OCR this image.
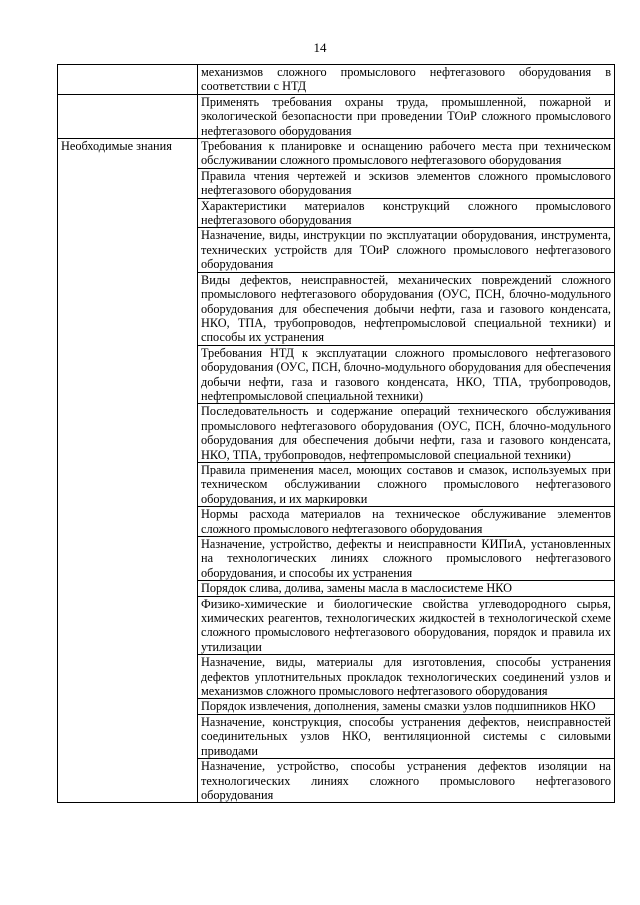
14
	механизмов сложного промыслового нефтегазового оборудования в соответствии с НТД
	Применять требования охраны труда, промышленной, пожарной и экологической безопасности при проведении ТОиР сложного промыслового нефтегазового оборудования
Необходимые знания	Требования к планировке и оснащению рабочего места при техническом обслуживании сложного промыслового нефтегазового оборудования
	Правила чтения чертежей и эскизов элементов сложного промыслового нефтегазового оборудования
	Характеристики материалов конструкций сложного промыслового нефтегазового оборудования
	Назначение, виды, инструкции по эксплуатации оборудования, инструмента, технических устройств для ТОиР сложного промыслового нефтегазового оборудования
	Виды дефектов, неисправностей, механических повреждений сложного промыслового нефтегазового оборудования (ОУС, ПСН, блочно-модульного оборудования для обеспечения добычи нефти, газа и газового конденсата, НКО, ТПА, трубопроводов, нефтепромысловой специальной техники) и способы их устранения
	Требования НТД к эксплуатации сложного промыслового нефтегазового оборудования (ОУС, ПСН, блочно-модульного оборудования для обеспечения добычи нефти, газа и газового конденсата, НКО, ТПА, трубопроводов, нефтепромысловой специальной техники)
	Последовательность и содержание операций технического обслуживания промыслового нефтегазового оборудования (ОУС, ПСН, блочно-модульного оборудования для обеспечения добычи нефти, газа и газового конденсата, НКО, ТПА, трубопроводов, нефтепромысловой специальной техники)
	Правила применения масел, моющих составов и смазок, используемых при техническом обслуживании сложного промыслового нефтегазового оборудования, и их маркировки
	Нормы расхода материалов на техническое обслуживание элементов сложного промыслового нефтегазового оборудования
	Назначение, устройство, дефекты и неисправности КИПиА, установленных на технологических линиях сложного промыслового нефтегазового оборудования, и способы их устранения
	Порядок слива, долива, замены масла в маслосистеме НКО
	Физико-химические и биологические свойства углеводородного сырья, химических реагентов, технологических жидкостей в технологической схеме сложного промыслового нефтегазового оборудования, порядок и правила их утилизации
	Назначение, виды, материалы для изготовления, способы устранения дефектов уплотнительных прокладок технологических соединений узлов и механизмов сложного промыслового нефтегазового оборудования
	Порядок извлечения, дополнения, замены смазки узлов подшипников НКО
	Назначение, конструкция, способы устранения дефектов, неисправностей соединительных узлов НКО, вентиляционной системы с силовыми приводами
	Назначение, устройство, способы устранения дефектов изоляции на технологических линиях сложного промыслового нефтегазового оборудования
